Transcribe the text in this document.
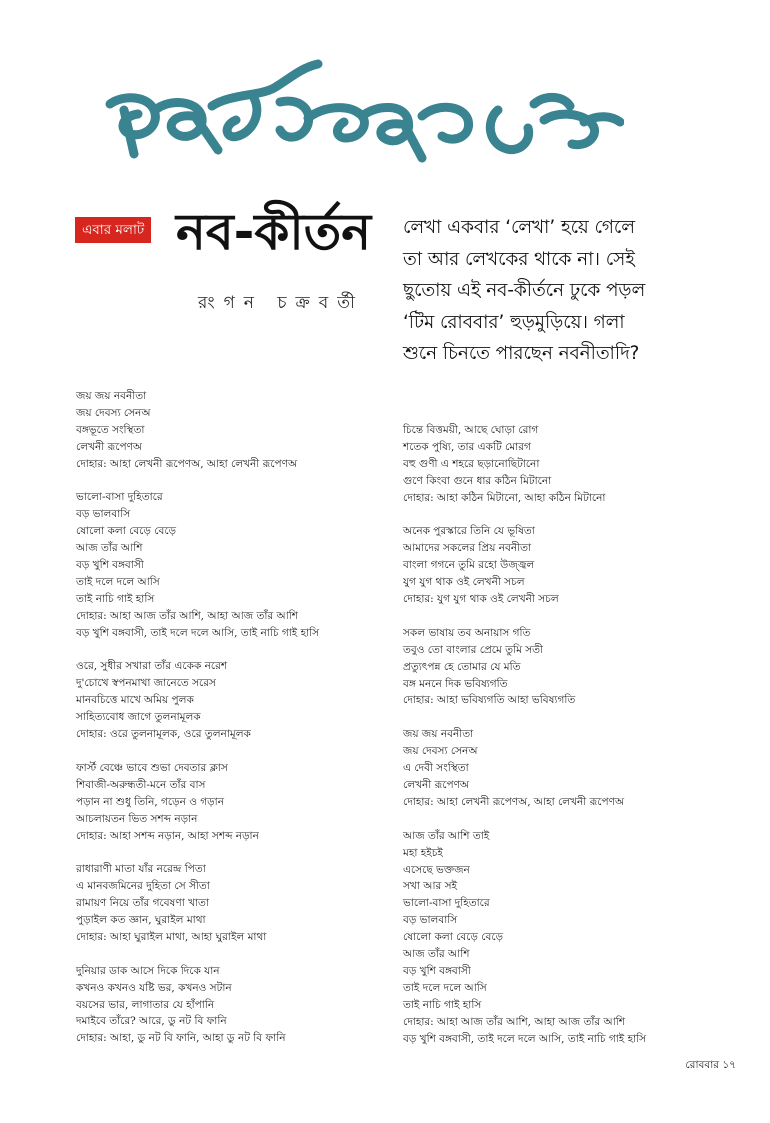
এবার মলাট নব-কীর্তন
রংগন চক্রবর্তী
লেখা একবার ‘লেখা’ হয়ে গেলে
তা আর লেখকের থাকে না। সেই
ছুতোয় এই নব-কীর্তনে ঢুকে পড়ল
‘টিম রোববার’ হুড়মুড়িয়ে। গলা
শুনে চিনতে পারছেন নবনীতাদি?
জয় জয় নবনীতা
জয় দেবস্য সেনঅ
বঙ্গভূতে সংস্থিতা
লেখনী রূপেণঅ
দোহার: আহা লেখনী রূপেণঅ, আহা লেখনী রূপেণঅ
ভালো-বাসা দুহিতারে
বড় ভালবাসি
ষোলো কলা বেড়ে বেড়ে
আজ তাঁর আশি
বড় খুশি বঙ্গবাসী
তাই দলে দলে আসি
তাই নাচি গাই হাসি
দোহার: আহা আজ তাঁর আশি, আহা আজ তাঁর আশি
বড় খুশি বঙ্গবাসী, তাই দলে দলে আসি, তাই নাচি গাই হাসি
ওরে, সুধীর সখারা তাঁর একেক নরেশ
দু'চোখে স্বপনমাখা জানেতে সরেস
মানবচিত্তে মাখে অমিয় পুলক
সাহিত্যবোধ জাগে তুলনামূলক
দোহার: ওরে তুলনামূলক, ওরে তুলনামূলক
ফার্স্ট বেঞ্চে ভাবে শুভা দেবতার ক্লাস
শিবাজী-অরুন্ধতী-মনে তাঁর বাস
পড়ান না শুধু তিনি, গড়েন ও গড়ান
আচলায়তন ভিত সশব্দ নড়ান
দোহার: আহা সশব্দ নড়ান, আহা সশব্দ নড়ান
রাধারাণী মাতা যাঁর নরেন্দ্র পিতা
এ মানবজমিনের দুহিতা সে সীতা
রামায়ণ নিয়ে তাঁর গবেষণা খাতা
পুড়াইল কত জ্ঞান, ঘুরাইল মাথা
দোহার: আহা ঘুরাইল মাথা, আহা ঘুরাইল মাথা
দুনিয়ার ডাক আসে দিকে দিকে যান
কখনও কখনও যষ্টি ভর, কখনও সটান
বয়সের ভার, লাগাতার যে হাঁপানি
দমাইবে তাঁরে? আরে, ডু নট বি ফানি
দোহার: আহা, ডু নট বি ফানি, আহা ডু নট বি ফানি
চিন্তে বিত্তময়ী, আছে ঘোড়া রোগ
শতেক পুষ্যি, তার একটি মোরগ
বহু গুণী এ শহরে ছড়ানোছিটানো
গুণে কিংবা গুনে ধার কঠিন মিটানো
দোহার: আহা কঠিন মিটানো, আহা কঠিন মিটানো
অনেক পুরস্কারে তিনি যে ভূষিতা
আমাদের সকলের প্রিয় নবনীতা
বাংলা গগনে তুমি রহো উজ্জ্বল
যুগ যুগ থাক ওই লেখনী সচল
দোহার: যুগ যুগ থাক ওই লেখনী সচল
সকল ভাষায় তব অনায়াস গতি
তবুও তো বাংলার প্রেমে তুমি সতী
প্রত্যুৎপন্ন হে তোমার যে মতি
বঙ্গ মননে দিক ভবিষ্যগতি
দোহার: আহা ভবিষ্যগতি আহা ভবিষ্যগতি
জয় জয় নবনীতা
জয় দেবস্য সেনঅ
এ দেবী সংস্থিতা
লেখনী রূপেণঅ
দোহার: আহা লেখনী রূপেণঅ, আহা লেখনী রূপেণঅ
আজ তাঁর আশি তাই
মহা হইচই
এসেছে ভক্তজন
সখা আর সই
ভালো-বাসা দুহিতারে
বড় ভালবাসি
ষোলো কলা বেড়ে বেড়ে
আজ তাঁর আশি
বড় খুশি বঙ্গবাসী
তাই দলে দলে আসি
তাই নাচি গাই হাসি
দোহার: আহা আজ তাঁর আশি, আহা আজ তাঁর আশি
বড় খুশি বঙ্গবাসী, তাই দলে দলে আসি, তাই নাচি গাই হাসি
রোববার ১৭
